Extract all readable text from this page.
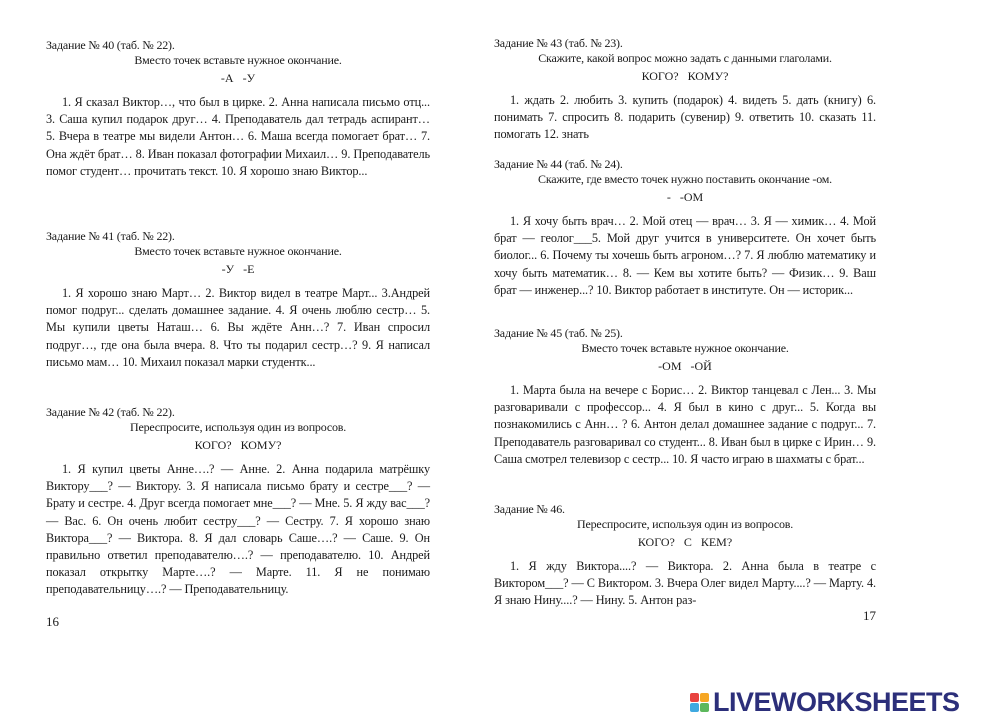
Задание № 40 (таб. № 22).
Вместо точек вставьте нужное окончание.
-А -У
1. Я сказал Виктор…, что был в цирке. 2. Анна написала письмо отц... 3. Саша купил подарок друг… 4. Преподаватель дал тетрадь аспирант… 5. Вчера в театре мы видели Антон… 6. Маша всегда помогает брат… 7. Она ждёт брат… 8. Иван показал фотографии Михаил… 9. Преподаватель помог студент… прочитать текст. 10. Я хорошо знаю Виктор...
Задание № 41 (таб. № 22).
Вместо точек вставьте нужное окончание.
-У -Е
1. Я хорошо знаю Март… 2. Виктор видел в театре Март... 3.Андрей помог подруг... сделать домашнее задание. 4. Я очень люблю сестр… 5. Мы купили цветы Наташ… 6. Вы ждёте Анн…? 7. Иван спросил подруг…, где она была вчера. 8. Что ты подарил сестр…? 9. Я написал письмо мам… 10. Михаил показал марки студентк...
Задание № 42 (таб. № 22).
Переспросите, используя один из вопросов.
КОГО? КОМУ?
1. Я купил цветы Анне….? — Анне. 2. Анна подарила матрёшку Виктору___? — Виктору. 3. Я написала письмо брату и сестре___? — Брату и сестре. 4. Друг всегда помогает мне___? — Мне. 5. Я жду вас___? — Вас. 6. Он очень любит сестру___? — Сестру. 7. Я хорошо знаю Виктора___? — Виктора. 8. Я дал словарь Саше….? — Саше. 9. Он правильно ответил преподавателю….? — преподавателю. 10. Андрей показал открытку Марте….? — Марте. 11. Я не понимаю преподавательницу….? — Преподавательницу.
16
Задание № 43 (таб. № 23).
Скажите, какой вопрос можно задать с данными глаголами.
КОГО? КОМУ?
1. ждать 2. любить 3. купить (подарок) 4. видеть 5. дать (книгу) 6. понимать 7. спросить 8. подарить (сувенир) 9. ответить 10. сказать 11. помогать 12. знать
Задание № 44 (таб. № 24).
Скажите, где вместо точек нужно поставить окончание -ом.
- -ОМ
1. Я хочу быть врач… 2. Мой отец — врач… 3. Я — химик… 4. Мой брат — геолог___5. Мой друг учится в университете. Он хочет быть биолог... 6. Почему ты хочешь быть агроном…? 7. Я люблю математику и хочу быть математик… 8. — Кем вы хотите быть? — Физик… 9. Ваш брат — инженер...? 10. Виктор работает в институте. Он — историк...
Задание № 45 (таб. № 25).
Вместо точек вставьте нужное окончание.
-ОМ -ОЙ
1. Марта была на вечере с Борис… 2. Виктор танцевал с Лен... 3. Мы разговаривали с профессор... 4. Я был в кино с друг... 5. Когда вы познакомились с Анн… ? 6. Антон делал домашнее задание с подруг... 7. Преподаватель разговаривал со студент... 8. Иван был в цирке с Ирин… 9. Саша смотрел телевизор с сестр... 10. Я часто играю в шахматы с брат...
Задание № 46.
Переспросите, используя один из вопросов.
КОГО? С КЕМ?
1. Я жду Виктора....? — Виктора. 2. Анна была в театре с Виктором___? — С Виктором. 3. Вчера Олег видел Марту....? — Марту. 4. Я знаю Нину....? — Нину. 5. Антон раз-
17
LIVEWORKSHEETS
